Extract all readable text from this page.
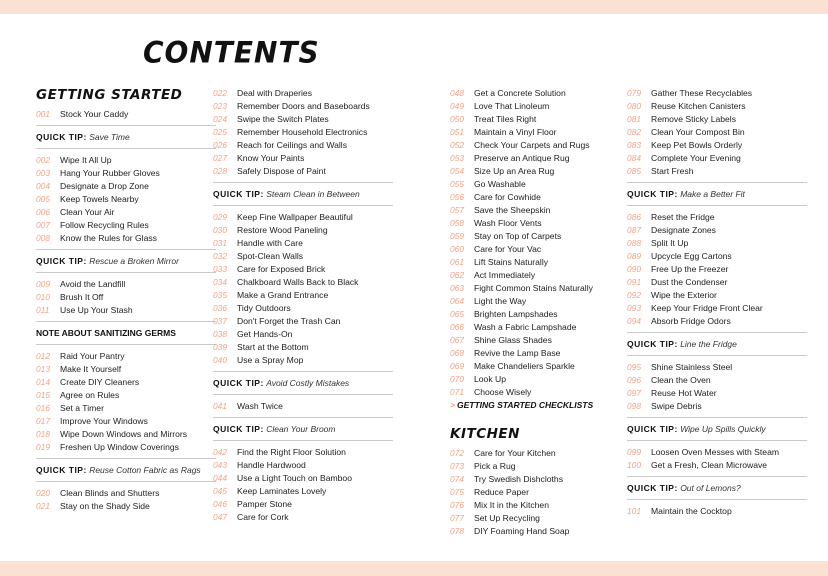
CONTENTS
GETTING STARTED
001 Stock Your Caddy
QUICK TIP: Save Time
002 Wipe It All Up
003 Hang Your Rubber Gloves
004 Designate a Drop Zone
005 Keep Towels Nearby
006 Clean Your Air
007 Follow Recycling Rules
008 Know the Rules for Glass
QUICK TIP: Rescue a Broken Mirror
009 Avoid the Landfill
010 Brush It Off
011 Use Up Your Stash
NOTE ABOUT SANITIZING GERMS
012 Raid Your Pantry
013 Make It Yourself
014 Create DIY Cleaners
015 Agree on Rules
016 Set a Timer
017 Improve Your Windows
018 Wipe Down Windows and Mirrors
019 Freshen Up Window Coverings
QUICK TIP: Reuse Cotton Fabric as Rags
020 Clean Blinds and Shutters
021 Stay on the Shady Side
022 Deal with Draperies
023 Remember Doors and Baseboards
024 Swipe the Switch Plates
025 Remember Household Electronics
026 Reach for Ceilings and Walls
027 Know Your Paints
028 Safely Dispose of Paint
QUICK TIP: Steam Clean in Between
029 Keep Fine Wallpaper Beautiful
030 Restore Wood Paneling
031 Handle with Care
032 Spot-Clean Walls
033 Care for Exposed Brick
034 Chalkboard Walls Back to Black
035 Make a Grand Entrance
036 Tidy Outdoors
037 Don't Forget the Trash Can
038 Get Hands-On
039 Start at the Bottom
040 Use a Spray Mop
QUICK TIP: Avoid Costly Mistakes
041 Wash Twice
QUICK TIP: Clean Your Broom
042 Find the Right Floor Solution
043 Handle Hardwood
044 Use a Light Touch on Bamboo
045 Keep Laminates Lovely
046 Pamper Stone
047 Care for Cork
048 Get a Concrete Solution
049 Love That Linoleum
050 Treat Tiles Right
051 Maintain a Vinyl Floor
052 Check Your Carpets and Rugs
053 Preserve an Antique Rug
054 Size Up an Area Rug
055 Go Washable
056 Care for Cowhide
057 Save the Sheepskin
058 Wash Floor Vents
059 Stay on Top of Carpets
060 Care for Your Vac
061 Lift Stains Naturally
062 Act Immediately
063 Fight Common Stains Naturally
064 Light the Way
065 Brighten Lampshades
066 Wash a Fabric Lampshade
067 Shine Glass Shades
068 Revive the Lamp Base
069 Make Chandeliers Sparkle
070 Look Up
071 Choose Wisely
> GETTING STARTED CHECKLISTS
KITCHEN
072 Care for Your Kitchen
073 Pick a Rug
074 Try Swedish Dishcloths
075 Reduce Paper
076 Mix It in the Kitchen
077 Set Up Recycling
078 DIY Foaming Hand Soap
079 Gather These Recyclables
080 Reuse Kitchen Canisters
081 Remove Sticky Labels
082 Clean Your Compost Bin
083 Keep Pet Bowls Orderly
084 Complete Your Evening
085 Start Fresh
QUICK TIP: Make a Better Fit
086 Reset the Fridge
087 Designate Zones
088 Split It Up
089 Upcycle Egg Cartons
090 Free Up the Freezer
091 Dust the Condenser
092 Wipe the Exterior
093 Keep Your Fridge Front Clear
094 Absorb Fridge Odors
QUICK TIP: Line the Fridge
095 Shine Stainless Steel
096 Clean the Oven
097 Reuse Hot Water
098 Swipe Debris
QUICK TIP: Wipe Up Spills Quickly
099 Loosen Oven Messes with Steam
100 Get a Fresh, Clean Microwave
QUICK TIP: Out of Lemons?
101 Maintain the Cocktop
